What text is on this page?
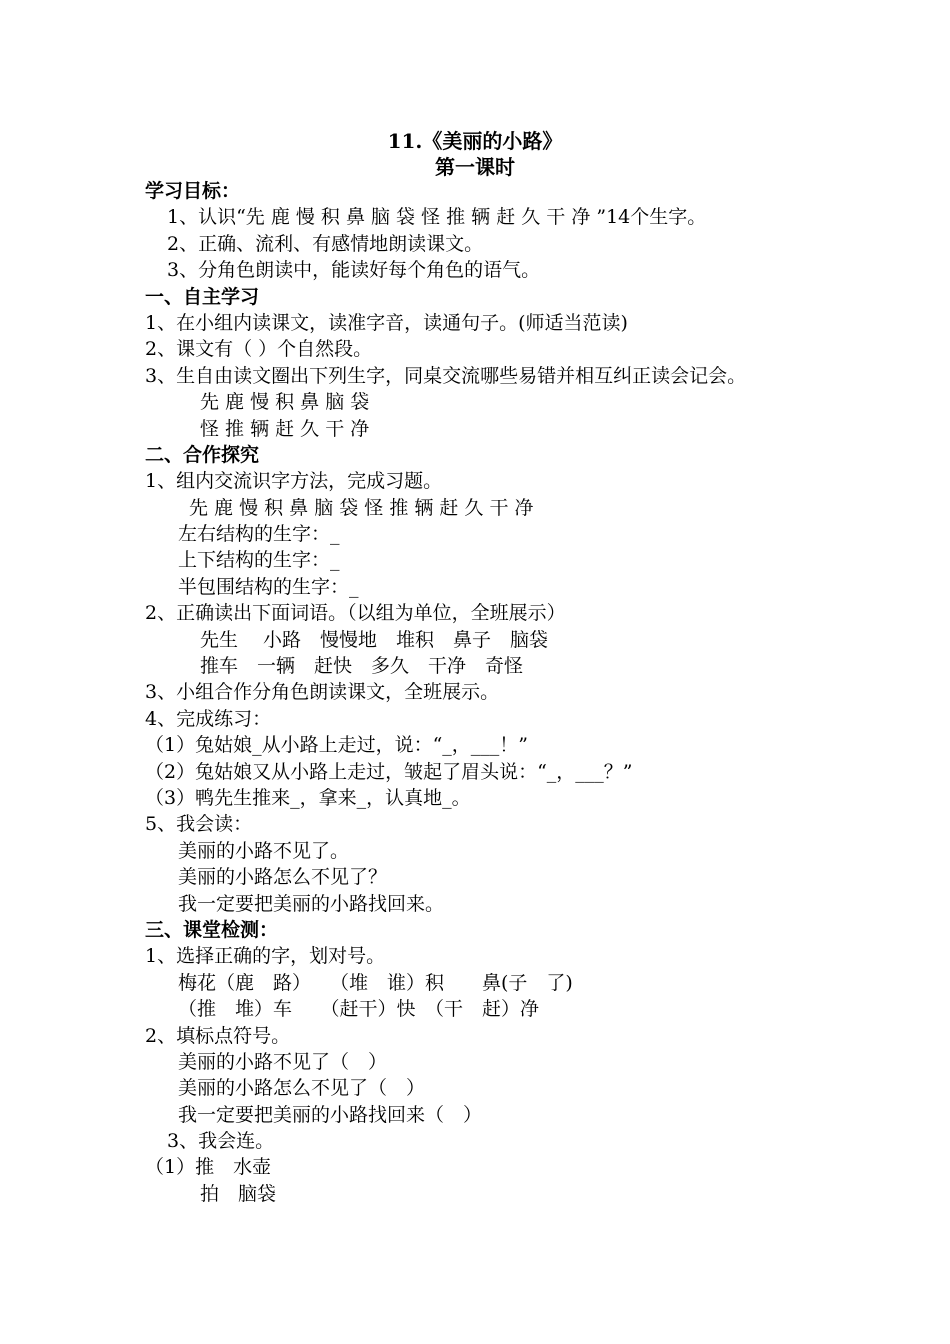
11.《美丽的小路》
第一课时
学习目标：
1、认识“先 鹿 慢 积 鼻 脑 袋 怪 推 辆 赶 久 干 净 ”14个生字。
2、正确、流利、有感情地朗读课文。
3、分角色朗读中，能读好每个角色的语气。
一、自主学习
1、在小组内读课文，读准字音，读通句子。(师适当范读)
2、课文有（ ）个自然段。
3、生自由读文圈出下列生字，同桌交流哪些易错并相互纠正读会记会。
先 鹿 慢 积 鼻 脑 袋
怪 推 辆 赶 久 干 净
二、合作探究
1、组内交流识字方法，完成习题。
先 鹿 慢 积 鼻 脑 袋 怪 推 辆 赶 久 干 净
左右结构的生字：_
上下结构的生字：_
半包围结构的生字：_
2、正确读出下面词语。（以组为单位，全班展示）
先生　 小路　慢慢地　堆积　鼻子　脑袋
推车　一辆　赶快　多久　干净　奇怪
3、小组合作分角色朗读课文，全班展示。
4、完成练习：
（1）兔姑娘_从小路上走过，说：“_，___！”
（2）兔姑娘又从小路上走过，皱起了眉头说：“_，___？”
（3）鸭先生推来_，拿来_，认真地_。
5、我会读：
美丽的小路不见了。
美丽的小路怎么不见了？
我一定要把美丽的小路找回来。
三、课堂检测：
1、选择正确的字，划对号。
梅花（鹿　路）　　（堆　谁）积　　鼻(子　了)
（推　堆）车　　（赶干）快　（干　赶）净
2、填标点符号。
美丽的小路不见了（　）
美丽的小路怎么不见了（　）
我一定要把美丽的小路找回来（　）
3、我会连。
（1）推　水壶
拍　脑袋
